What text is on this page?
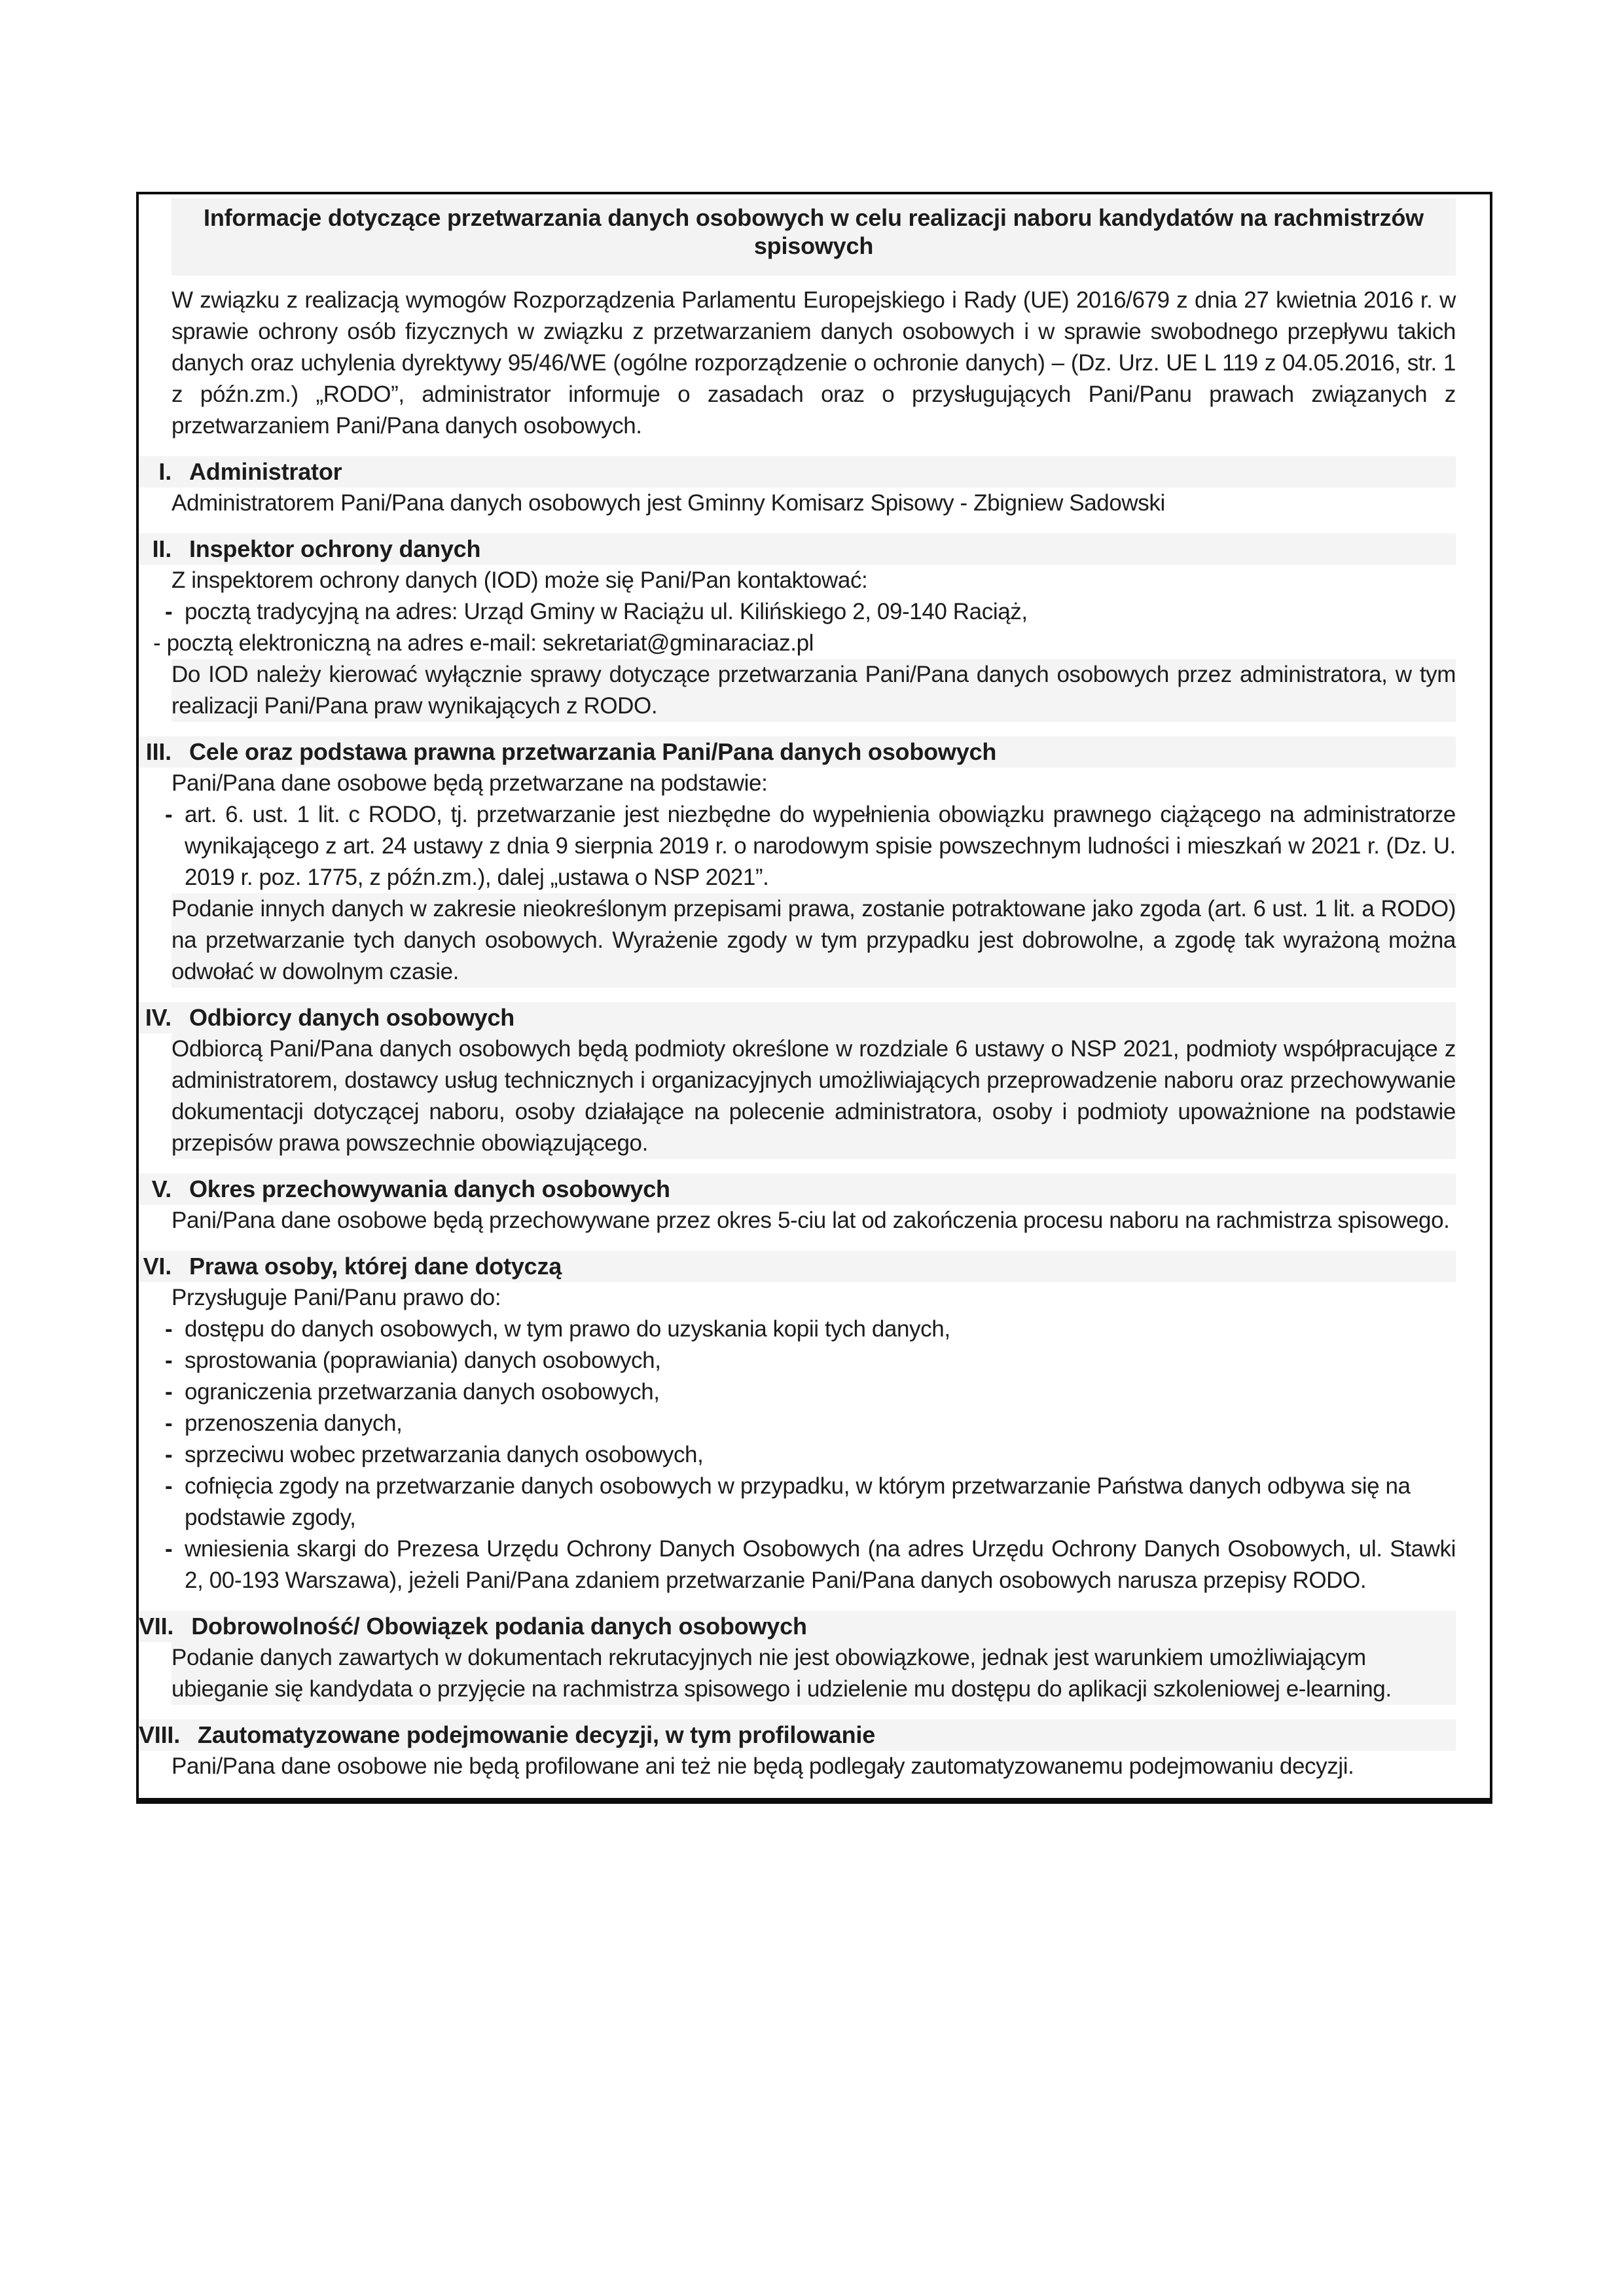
Informacje dotyczące przetwarzania danych osobowych w celu realizacji naboru kandydatów na rachmistrzów spisowych
W związku z realizacją wymogów Rozporządzenia Parlamentu Europejskiego i Rady (UE) 2016/679 z dnia 27 kwietnia 2016 r. w sprawie ochrony osób fizycznych w związku z przetwarzaniem danych osobowych i w sprawie swobodnego przepływu takich danych oraz uchylenia dyrektywy 95/46/WE (ogólne rozporządzenie o ochronie danych) – (Dz. Urz. UE L 119 z 04.05.2016, str. 1 z późn.zm.) „RODO”, administrator informuje o zasadach oraz o przysługujących Pani/Panu prawach związanych z przetwarzaniem Pani/Pana danych osobowych.
I. Administrator
Administratorem Pani/Pana danych osobowych jest Gminny Komisarz Spisowy - Zbigniew Sadowski
II. Inspektor ochrony danych
Z inspektorem ochrony danych (IOD) może się Pani/Pan kontaktować:
- pocztą tradycyjną na adres: Urząd Gminy w Raciążu ul. Kilińskiego 2, 09-140 Raciąż,
- pocztą elektroniczną na adres e-mail: sekretariat@gminaraciaz.pl
Do IOD należy kierować wyłącznie sprawy dotyczące przetwarzania Pani/Pana danych osobowych przez administratora, w tym realizacji Pani/Pana praw wynikających z RODO.
III. Cele oraz podstawa prawna przetwarzania Pani/Pana danych osobowych
Pani/Pana dane osobowe będą przetwarzane na podstawie:
- art. 6. ust. 1 lit. c RODO, tj. przetwarzanie jest niezbędne do wypełnienia obowiązku prawnego ciążącego na administratorze wynikającego z art. 24 ustawy z dnia 9 sierpnia 2019 r. o narodowym spisie powszechnym ludności i mieszkań w 2021 r. (Dz. U. 2019 r. poz. 1775, z późn.zm.), dalej „ustawa o NSP 2021”.
Podanie innych danych w zakresie nieokreślonym przepisami prawa, zostanie potraktowane jako zgoda (art. 6 ust. 1 lit. a RODO) na przetwarzanie tych danych osobowych. Wyrażenie zgody w tym przypadku jest dobrowolne, a zgodę tak wyrażoną można odwołać w dowolnym czasie.
IV. Odbiorcy danych osobowych
Odbiorcą Pani/Pana danych osobowych będą podmioty określone w rozdziale 6 ustawy o NSP 2021, podmioty współpracujące z administratorem, dostawcy usług technicznych i organizacyjnych umożliwiających przeprowadzenie naboru oraz przechowywanie dokumentacji dotyczącej naboru, osoby działające na polecenie administratora, osoby i podmioty upoważnione na podstawie przepisów prawa powszechnie obowiązującego.
V. Okres przechowywania danych osobowych
Pani/Pana dane osobowe będą przechowywane przez okres 5-ciu lat od zakończenia procesu naboru na rachmistrza spisowego.
VI. Prawa osoby, której dane dotyczą
Przysługuje Pani/Panu prawo do:
- dostępu do danych osobowych, w tym prawo do uzyskania kopii tych danych,
- sprostowania (poprawiania) danych osobowych,
- ograniczenia przetwarzania danych osobowych,
- przenoszenia danych,
- sprzeciwu wobec przetwarzania danych osobowych,
- cofnięcia zgody na przetwarzanie danych osobowych w przypadku, w którym przetwarzanie Państwa danych odbywa się na podstawie zgody,
- wniesienia skargi do Prezesa Urzędu Ochrony Danych Osobowych (na adres Urzędu Ochrony Danych Osobowych, ul. Stawki 2, 00-193 Warszawa), jeżeli Pani/Pana zdaniem przetwarzanie Pani/Pana danych osobowych narusza przepisy RODO.
VII. Dobrowolność/ Obowiązek podania danych osobowych
Podanie danych zawartych w dokumentach rekrutacyjnych nie jest obowiązkowe, jednak jest warunkiem umożliwiającym ubieganie się kandydata o przyjęcie na rachmistrza spisowego i udzielenie mu dostępu do aplikacji szkoleniowej e-learning.
VIII. Zautomatyzowane podejmowanie decyzji, w tym profilowanie
Pani/Pana dane osobowe nie będą profilowane ani też nie będą podlegały zautomatyzowanemu podejmowaniu decyzji.
